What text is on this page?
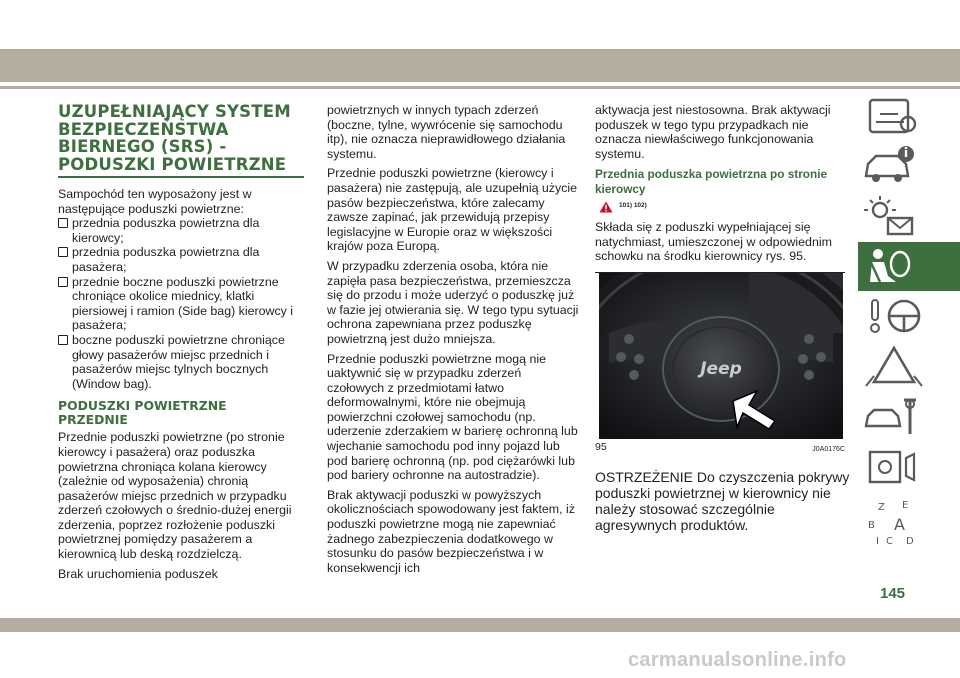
UZUPEŁNIAJĄCY SYSTEM
BEZPIECZEŃSTWA
BIERNEGO (SRS) -
PODUSZKI POWIETRZNE

Sampochód ten wyposażony jest w następujące poduszki powietrzne:

przednia poduszka powietrzna dla kierowcy;
przednia poduszka powietrzna dla pasażera;
przednie boczne poduszki powietrzne chroniące okolice miednicy, klatki piersiowej i ramion (Side bag) kierowcy i pasażera;
boczne poduszki powietrzne chroniące głowy pasażerów miejsc przednich i pasażerów miejsc tylnych bocznych (Window bag).
PODUSZKI POWIETRZNE
PRZEDNIE

Przednie poduszki powietrzne (po stronie kierowcy i pasażera) oraz poduszka powietrzna chroniąca kolana kierowcy (zależnie od wyposażenia) chronią pasażerów miejsc przednich w przypadku zderzeń czołowych o średnio-dużej energii zderzenia, poprzez rozłożenie poduszki powietrznej pomiędzy pasażerem a kierownicą lub deską rozdzielczą.

Brak uruchomienia poduszek

powietrznych w innych typach zderzeń (boczne, tylne, wywrócenie się samochodu itp), nie oznacza nieprawidłowego działania systemu.

Przednie poduszki powietrzne (kierowcy i pasażera) nie zastępują, ale uzupełnią użycie pasów bezpieczeństwa, które zalecamy zawsze zapinać, jak przewidują przepisy legislacyjne w Europie oraz w większości krajów poza Europą.

W przypadku zderzenia osoba, która nie zapięła pasa bezpieczeństwa, przemieszcza się do przodu i może uderzyć o poduszkę już w fazie jej otwierania się. W tego typu sytuacji ochrona zapewniana przez poduszkę powietrzną jest dużo mniejsza.

Przednie poduszki powietrzne mogą nie uaktywnić się w przypadku zderzeń czołowych z przedmiotami łatwo deformowalnymi, które nie obejmują powierzchni czołowej samochodu (np. uderzenie zderzakiem w barierę ochronną lub wjechanie samochodu pod inny pojazd lub pod barierę ochronną (np. pod ciężarówki lub pod bariery ochronne na autostradzie).

Brak aktywacji poduszki w powyższych okolicznościach spowodowany jest faktem, iż poduszki powietrzne mogą nie zapewniać żadnego zabezpieczenia dodatkowego w stosunku do pasów bezpieczeństwa i w konsekwencji ich

aktywacja jest niestosowna. Brak aktywacji poduszek w tego typu przypadkach nie oznacza niewłaściwego funkcjonowania systemu.

Przednia poduszka powietrzna po stronie
kierowcy
101) 102)

Składa się z poduszki wypełniającej się natychmiast, umieszczonej w odpowiednim schowku na środku kierownicy rys. 95.

Jeep
95	J0A0176C
OSTRZEŻENIE Do czyszczenia pokrywy poduszki powietrznej w kierownicy nie należy stosować szczególnie agresywnych produktów.
Z E
B A
I C D
145
carmanualsonline.info
